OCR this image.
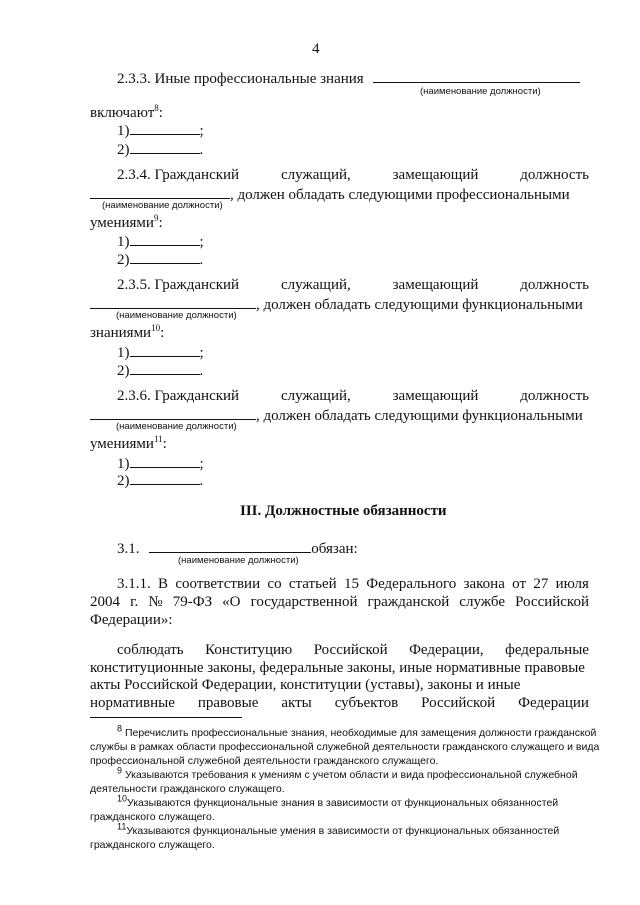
4
2.3.3. Иные профессиональные знания
(наименование должности)
включают$^8$:
1)	;
2)	.
2.3.4. Гражданский	служащий,	замещающий	должность
, должен обладать следующими профессиональными
(наименование должности)
умениями$^9$:
1)	;
2)	.
2.3.5. Гражданский	служащий,	замещающий	должность
, должен обладать следующими функциональными
(наименование должности)
знаниями$^{10}$:
1)	;
2)	.
2.3.6. Гражданский	служащий,	замещающий	должность
, должен обладать следующими функциональными
(наименование должности)
умениями$^{11}$:
1)	;
2)	.
III. Должностные обязанности
3.1.	обязан:
(наименование должности)
3.1.1. В соответствии со статьей 15 Федерального закона от 27 июля
2004 г. № 79-ФЗ «О государственной гражданской службе Российской
Федерации»:
соблюдать Конституцию Российской Федерации, федеральные
конституционные законы, федеральные законы, иные нормативные правовые
акты Российской Федерации, конституции (уставы), законы и иные
нормативные правовые акты субъектов Российской Федерации
$^8$ Перечислить профессиональные знания, необходимые для замещения должности гражданской
службы в рамках области профессиональной служебной деятельности гражданского служащего и вида
профессиональной служебной деятельности гражданского служащего.
$^9$ Указываются требования к умениям с учетом области и вида профессиональной служебной
деятельности гражданского служащего.
$^{10}$Указываются функциональные знания в зависимости от функциональных обязанностей
гражданского служащего.
$^{11}$Указываются функциональные умения в зависимости от функциональных обязанностей
гражданского служащего.
